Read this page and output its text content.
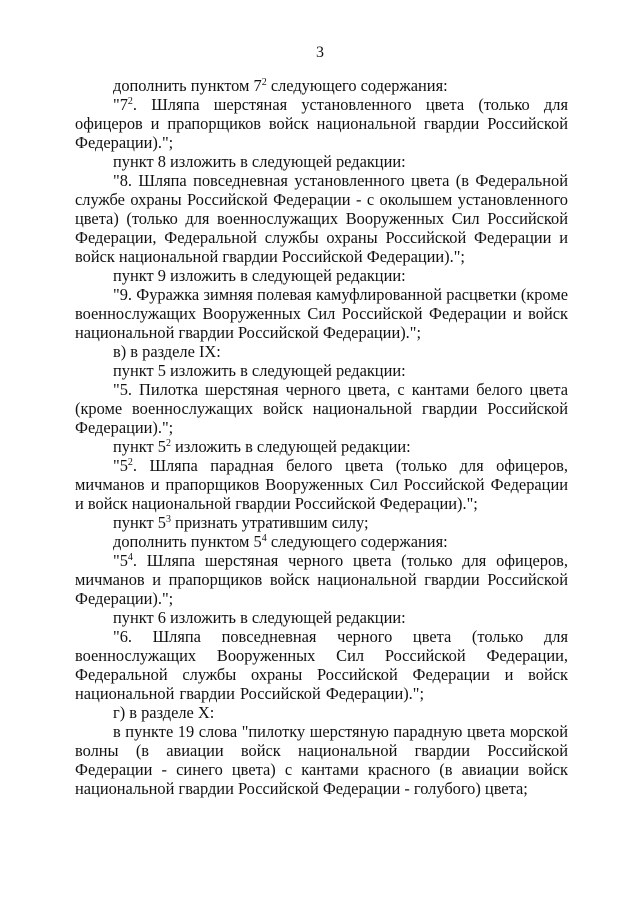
3

дополнить пунктом $7^2$ следующего содержания:

"$7^2$. Шляпа шерстяная установленного цвета (только для офицеров и прапорщиков войск национальной гвардии Российской Федерации).";

пункт 8 изложить в следующей редакции:

"8. Шляпа повседневная установленного цвета (в Федеральной службе охраны Российской Федерации - с околышем установленного цвета) (только для военнослужащих Вооруженных Сил Российской Федерации, Федеральной службы охраны Российской Федерации и войск национальной гвардии Российской Федерации).";

пункт 9 изложить в следующей редакции:

"9. Фуражка зимняя полевая камуфлированной расцветки (кроме военнослужащих Вооруженных Сил Российской Федерации и войск национальной гвардии Российской Федерации).";

в) в разделе IX:

пункт 5 изложить в следующей редакции:

"5. Пилотка шерстяная черного цвета, с кантами белого цвета (кроме военнослужащих войск национальной гвардии Российской Федерации).";

пункт $5^2$ изложить в следующей редакции:

"$5^2$. Шляпа парадная белого цвета (только для офицеров, мичманов и прапорщиков Вооруженных Сил Российской Федерации и войск национальной гвардии Российской Федерации).";

пункт $5^3$ признать утратившим силу;

дополнить пунктом $5^4$ следующего содержания:

"$5^4$. Шляпа шерстяная черного цвета (только для офицеров, мичманов и прапорщиков войск национальной гвардии Российской Федерации).";

пункт 6 изложить в следующей редакции:

"6. Шляпа повседневная черного цвета (только для военнослужащих Вооруженных Сил Российской Федерации, Федеральной службы охраны Российской Федерации и войск национальной гвардии Российской Федерации).";

г) в разделе X:

в пункте 19 слова "пилотку шерстяную парадную цвета морской волны (в авиации войск национальной гвардии Российской Федерации - синего цвета) с кантами красного (в авиации войск национальной гвардии Российской Федерации - голубого) цвета;
